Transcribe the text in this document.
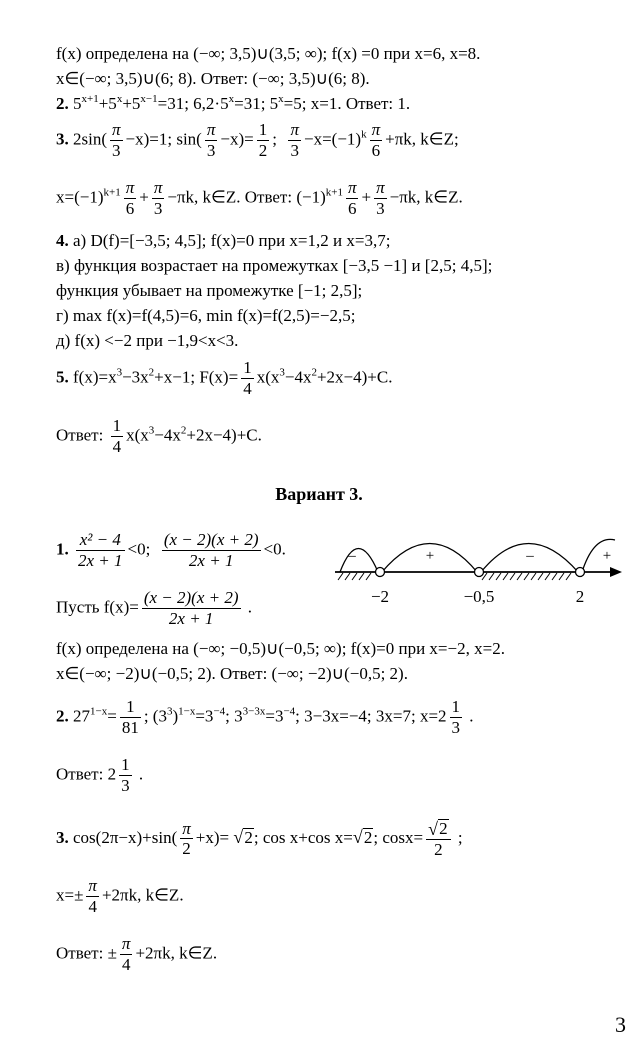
f(x) определена на (−∞; 3,5)∪(3,5; ∞); f(x) =0 при x=6, x=8.
x∈(−∞; 3,5)∪(6; 8). Ответ: (−∞; 3,5)∪(6; 8).
2. $5^{x+1}+5^x+5^{x-1}=31$; $6,2\cdot 5^x=31$; $5^x=5$; x=1. Ответ: 1.
3. $2\sin( \frac{\pi}{3} -x)=1$; $\sin( \frac{\pi}{3} -x)= \frac{1}{2}$ ; $\frac{\pi}{3} -x=(-1)^k \frac{\pi}{6} +\pi k$, k∈Z;
$x=(-1)^{k+1} \frac{\pi}{6} + \frac{\pi}{3} -\pi k$, k∈Z. Ответ: $(-1)^{k+1} \frac{\pi}{6} + \frac{\pi}{3} -\pi k$, k∈Z.
4. а) D(f)=[−3,5; 4,5]; f(x)=0 при x=1,2 и x=3,7;
в) функция возрастает на промежутках [−3,5 −1] и [2,5; 4,5];
функция убывает на промежутке [−1; 2,5];
г) max f(x)=f(4,5)=6, min f(x)=f(2,5)=−2,5;
д) f(x) <−2 при −1,9<x<3.
5. $f(x)=x^3-3x^2+x-1$; $F(x)= \frac{1}{4} x(x^3-4x^2+2x-4)+C$.
Ответ: $\frac{1}{4} x(x^3-4x^2+2x-4)+C$.
Вариант 3.
1. $\frac{\text{x² − 4}}{2x + 1} <0$; $\frac{(x - 2)(x + 2)}{2x + 1} <0$.	–	+	–	+
−2	−0,5	2
Пусть $f(x)= \frac{(x - 2)(x + 2)}{2x + 1}$ .
f(x) определена на (−∞; −0,5)∪(−0,5; ∞); f(x)=0 при x=−2, x=2.
x∈(−∞; −2)∪(−0,5; 2). Ответ: (−∞; −2)∪(−0,5; 2).
2. $27^{1-x}= \frac{1}{81}$ ; $(3^3)^{1-x}=3^{-4}$; $3^{3-3x}=3^{-4}$; 3−3x=−4; 3x=7; $x=2 \frac{1}{3}$ .
Ответ: $2 \frac{1}{3}$ .
3. $\cos(2\pi-x)+\sin( \frac{\pi}{2} +x)=$ √ 2; cos x+cos x= √ 2; $\cos x= \frac{√ 2}{2}$ ;
$x=\pm \frac{\pi}{4} +2\pi k$, k∈Z.
Ответ: ± $\frac{\pi}{4} +2\pi k$, k∈Z.
3
